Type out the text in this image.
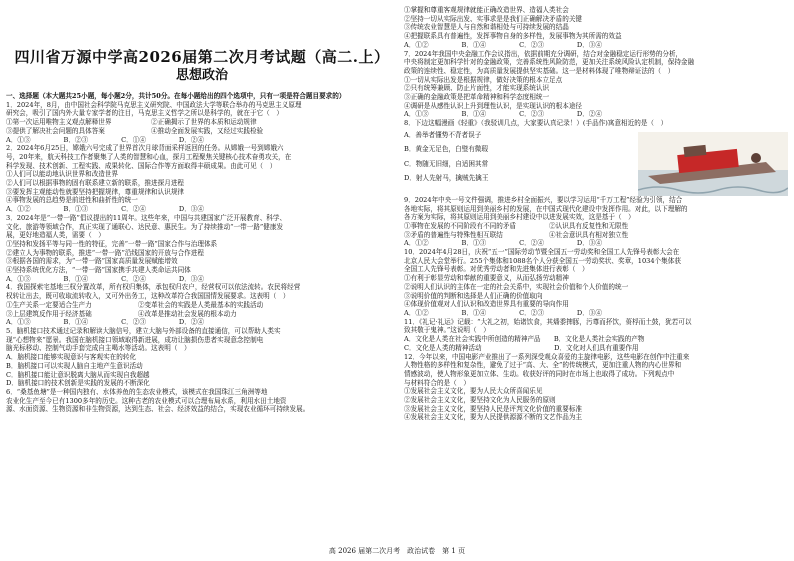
四川省万源中学高2026届第二次月考试题（高二.上）
思想政治

一、选择题（本大题共25小题，每小题2分，共计50分。在每小题给出的四个选项中，只有一项是符合题目要求的）

1．2024年，8月，由中国社会科学院马克思主义研究院、中国政法大学等联合举办的马克思主义原理

研究会，吸引了国内外大量专家学者的注目，马克思主义哲学之所以是科学的，就在于它（　）

①第一次运用唯物主义观点解释世界　　　　　　②正确揭示了世界的本质和运动规律

③提供了解决社会问题的具体答案　　　　　　　④推动全面发展实践，又经过实践检验

A．①③　　　　　B．②③　　　　　C．①④　　　　　D．②④

2．2024年6月25日，嫦娥六号完成了世界首次月球背面采样返回的任务。从嫦娥一号到嫦娥六

号，20年来，航天科技工作者聚集了人类的智慧和心血，探月工程聚焦关键核心技术奋勇攻关，在

科学发现、技术创新、工程实践、成果转化、国际合作等方面取得丰硕成果。由此可见（　）

①人们可以能动地认识世界和改造世界

②人们可以根据事物的固有联系建立新的联系，推进探月进程

③要发挥主观能动性就要坚持把握规律，尊重规律和认识规律

④事物发展的总趋势是前进性和曲折性的统一

A．①②　　　　　B．①③　　　　　C．②④　　　　　D．③④

3．2024年是“一带一路”倡议提出的11周年。这些年来，中国与共建国家广泛开展教育、科学、

文化、旅游等领域合作，真正实现了通联心、达民意、惠民生。为了持续推动“一带一路”健康发

展，更好地造福人类，需要（　）

①坚持和发扬平等与同一性的特征，完善“一带一路”国家合作与治理体系

②建立人为事物的联系，推进“一带一路”沿线国家的开放与合作进程

③根据各国的需求，为“一带一路”国家高质量发展赋能增效

④坚持系统优化方法，“一带一路”国家携手共建人类命运共同体

A．①③　　　　　B．①④　　　　　C．②④　　　　　D．③④

4．我国探索宅基地三权分置改革，所有权归集体，承包权归农户，经营权可以依法流转。农民将经营

权转让出去，既可收取流转收入，又可外出务工，这种改革符合我国国情发展要求。这表明（　）

①生产关系一定要适合生产力　　　　　　　②变革社会的实践是人类最基本的实践活动

③上层建筑反作用于经济基础　　　　　　　④改革是推动社会发展的根本动力

A．①③　　　　　B．①④　　　　　C．②③　　　　　D．②④

5．脑机接口技术通过记录和解读大脑信号，建立大脑与外部设备的直接通信，可以帮助人类实

现“心想物来”愿景。我国在脑机接口领域取得新进展，成功让脑损伤患者实现意念控制电

脑光标移动、控制气动手套完成自主喝水等活动。这表明（　）

A．脑机接口能够实现意识与客观实在的转化

B．脑机接口可以实现人脑自主地产生意识活动

C．脑机接口能让意识脱离大脑从而实现自我超越

D．脑机接口的技术创新是实践的发展的不断深化

6．“桑基鱼塘”是一种国内独有、水体养鱼的生态农业模式，该模式在我国珠江三角洲等地

农业化生产至今已有1300多年的历史。这种古老的农业模式可以合理布局水系，利用水田土地资

源、水面资源、生物资源和非生物资源，达到生态、社会、经济效益的结合，实现农业循环可持续发展。

①掌握和尊重客观规律就能正确改造世界、造福人类社会

②坚持一切从实际出发、实事求是是我们正确解决矛盾的关键

③传统农业智慧是人与自然和谐相处与可持续发展的结晶

④把握联系具有普遍性，发挥事物自身的多样性，发展事物为其所需的效益

A．①②　　　　　B．①④　　　　　C．②③　　　　　D．③④

7．2024年我国中央金融工作会议指出，依据前期充分调研，结合对金融稳定运行形势的分析，

中央将制定更加科学针对的金融政策，完善系统性风险防范，更加关注系统风险认定机制，保持金融

政策的连续性、稳定性，为高质量发展提供坚实基础。这一是材料体现了唯物辩证法的（　）

①一切从实际出发是根据规律，做好决策的根本立足点

②只有统筹兼顾、防止片面性，才能实现系统认识

③正确的金融政策是把革命精神和科学态度相统一

④调研是从感性认识上升到理性认识，是实现认识的根本途径

A．①③　　　　　B．①④　　　　　C．②③　　　　　D．②④

8．下边这幅漫画《轻重》（我驳训几点，大家要认真记录！）(手品作)寓意相近的是（　）

A．善举者懂势不背者误子

B．黄金无足色，白璧有微瑕

C．物随无旧细，自适困其常

D．射人先射马，擒贼先擒王

9．2024年中央一号文件强调，推进乡村全面振兴，要以学习运用“千万工程”经验为引领，结合

各地实际，将其原则运用到美丽乡村的发展，在中国式现代化建设中发挥作用。对此，以下理解的

各方案为实际，将其原则运用到美丽乡村建设中以进发展实效，这是基于（　）

①事物在发展的不同阶段有不同的矛盾　　　　　②认识具有反复性和无限性

③矛盾的普遍性与特殊性相互联结　　　　　　　④社会意识具有相对独立性

A．①②　　　　　B．①③　　　　　C．②④　　　　　D．③④

10．2024年4月28日，庆祝“五一”国际劳动节暨全国五一劳动奖和全国工人先锋号表彰大会在

北京人民大会堂举行。255个集体和1088名个人分获全国五一劳动奖状、奖章，1034个集体获

全国工人先锋号表彰。对优秀劳动者和先进集体进行表彰（　）

①有利于彰显劳动和奉献的重要意义，从而弘扬劳动精神

②说明人们认识的主体在一定的社会关系中，实现社会价值和个人价值的统一

③说明价值的判断和选择是人们正确的价值取向

④体现价值观对人们认识和改造世界具有重要的导向作用

A．①②　　　　　B．①④　　　　　C．②③　　　　　D．③④

11．《礼记·礼运》记载：“大礼之初，始诸饮食，其燔黍捭豚，污尊而抔饮，蒉桴而土鼓，犹若可以

致其敬于鬼神。”这说明（　）

A．文化是人类在社会实践中所创造的精神产品　　B．文化是人类社会实践的产物

C．文化是人类的精神活动　　　　　　　　　　　D．文化对人们具有重要作用

12．今年以来，中国电影产业推出了一系列深受观众喜爱的主旋律电影，这些电影在创作中注重来

人物性格的多样性和复杂性，避免了过于“高、大、全”的传统模式，更加注重人物的内心世界和

情感波动，使人物形象更加立体、生动。收获好评的同时在市场上也取得了成功。下列观点中

与材料符合的是（　）

①发展社会主义文化，要为人民大众所喜闻乐见

②发展社会主义文化，要坚持文化为人民服务的原则

③发展社会主义文化，要坚持人民是评判文化价值的重要标准

④发展社会主义文化，要为人民提供源源不断的文艺作品为主

高 2026 届第二次月考　政治试卷　第 1 页
